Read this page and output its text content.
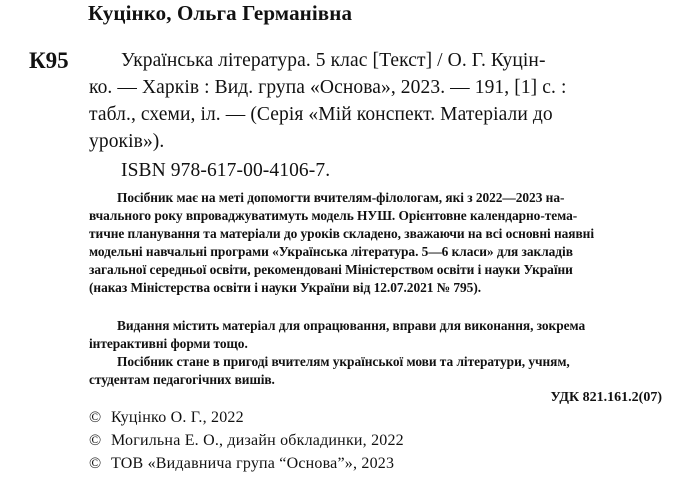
Куцінко, Ольга Германівна
К95	Українська література. 5 клас [Текст] / О. Г. Куцін-
ко. — Харків : Вид. група «Основа», 2023. — 191, [1] с. :
табл., схеми, іл. — (Серія «Мій конспект. Матеріали до
уроків»).
ISBN 978-617-00-4106-7.
Посібник має на меті допомогти вчителям-філологам, які з 2022—2023 на-
вчального року впроваджуватимуть модель НУШ. Орієнтовне календарно-тема-
тичне планування та матеріали до уроків складено, зважаючи на всі основні наявні
модельні навчальні програми «Українська література. 5—6 класи» для закладів
загальної середньої освіти, рекомендовані Міністерством освіти і науки України
(наказ Міністерства освіти і науки України від 12.07.2021 № 795).
Видання містить матеріал для опрацювання, вправи для виконання, зокрема
інтерактивні форми тощо.
Посібник стане в пригоді вчителям української мови та літератури, учням,
студентам педагогічних вишів.
УДК 821.161.2(07)
© Куцінко О. Г., 2022
© Могильна Е. О., дизайн обкладинки, 2022
© ТОВ «Видавнича група “Основа”», 2023
